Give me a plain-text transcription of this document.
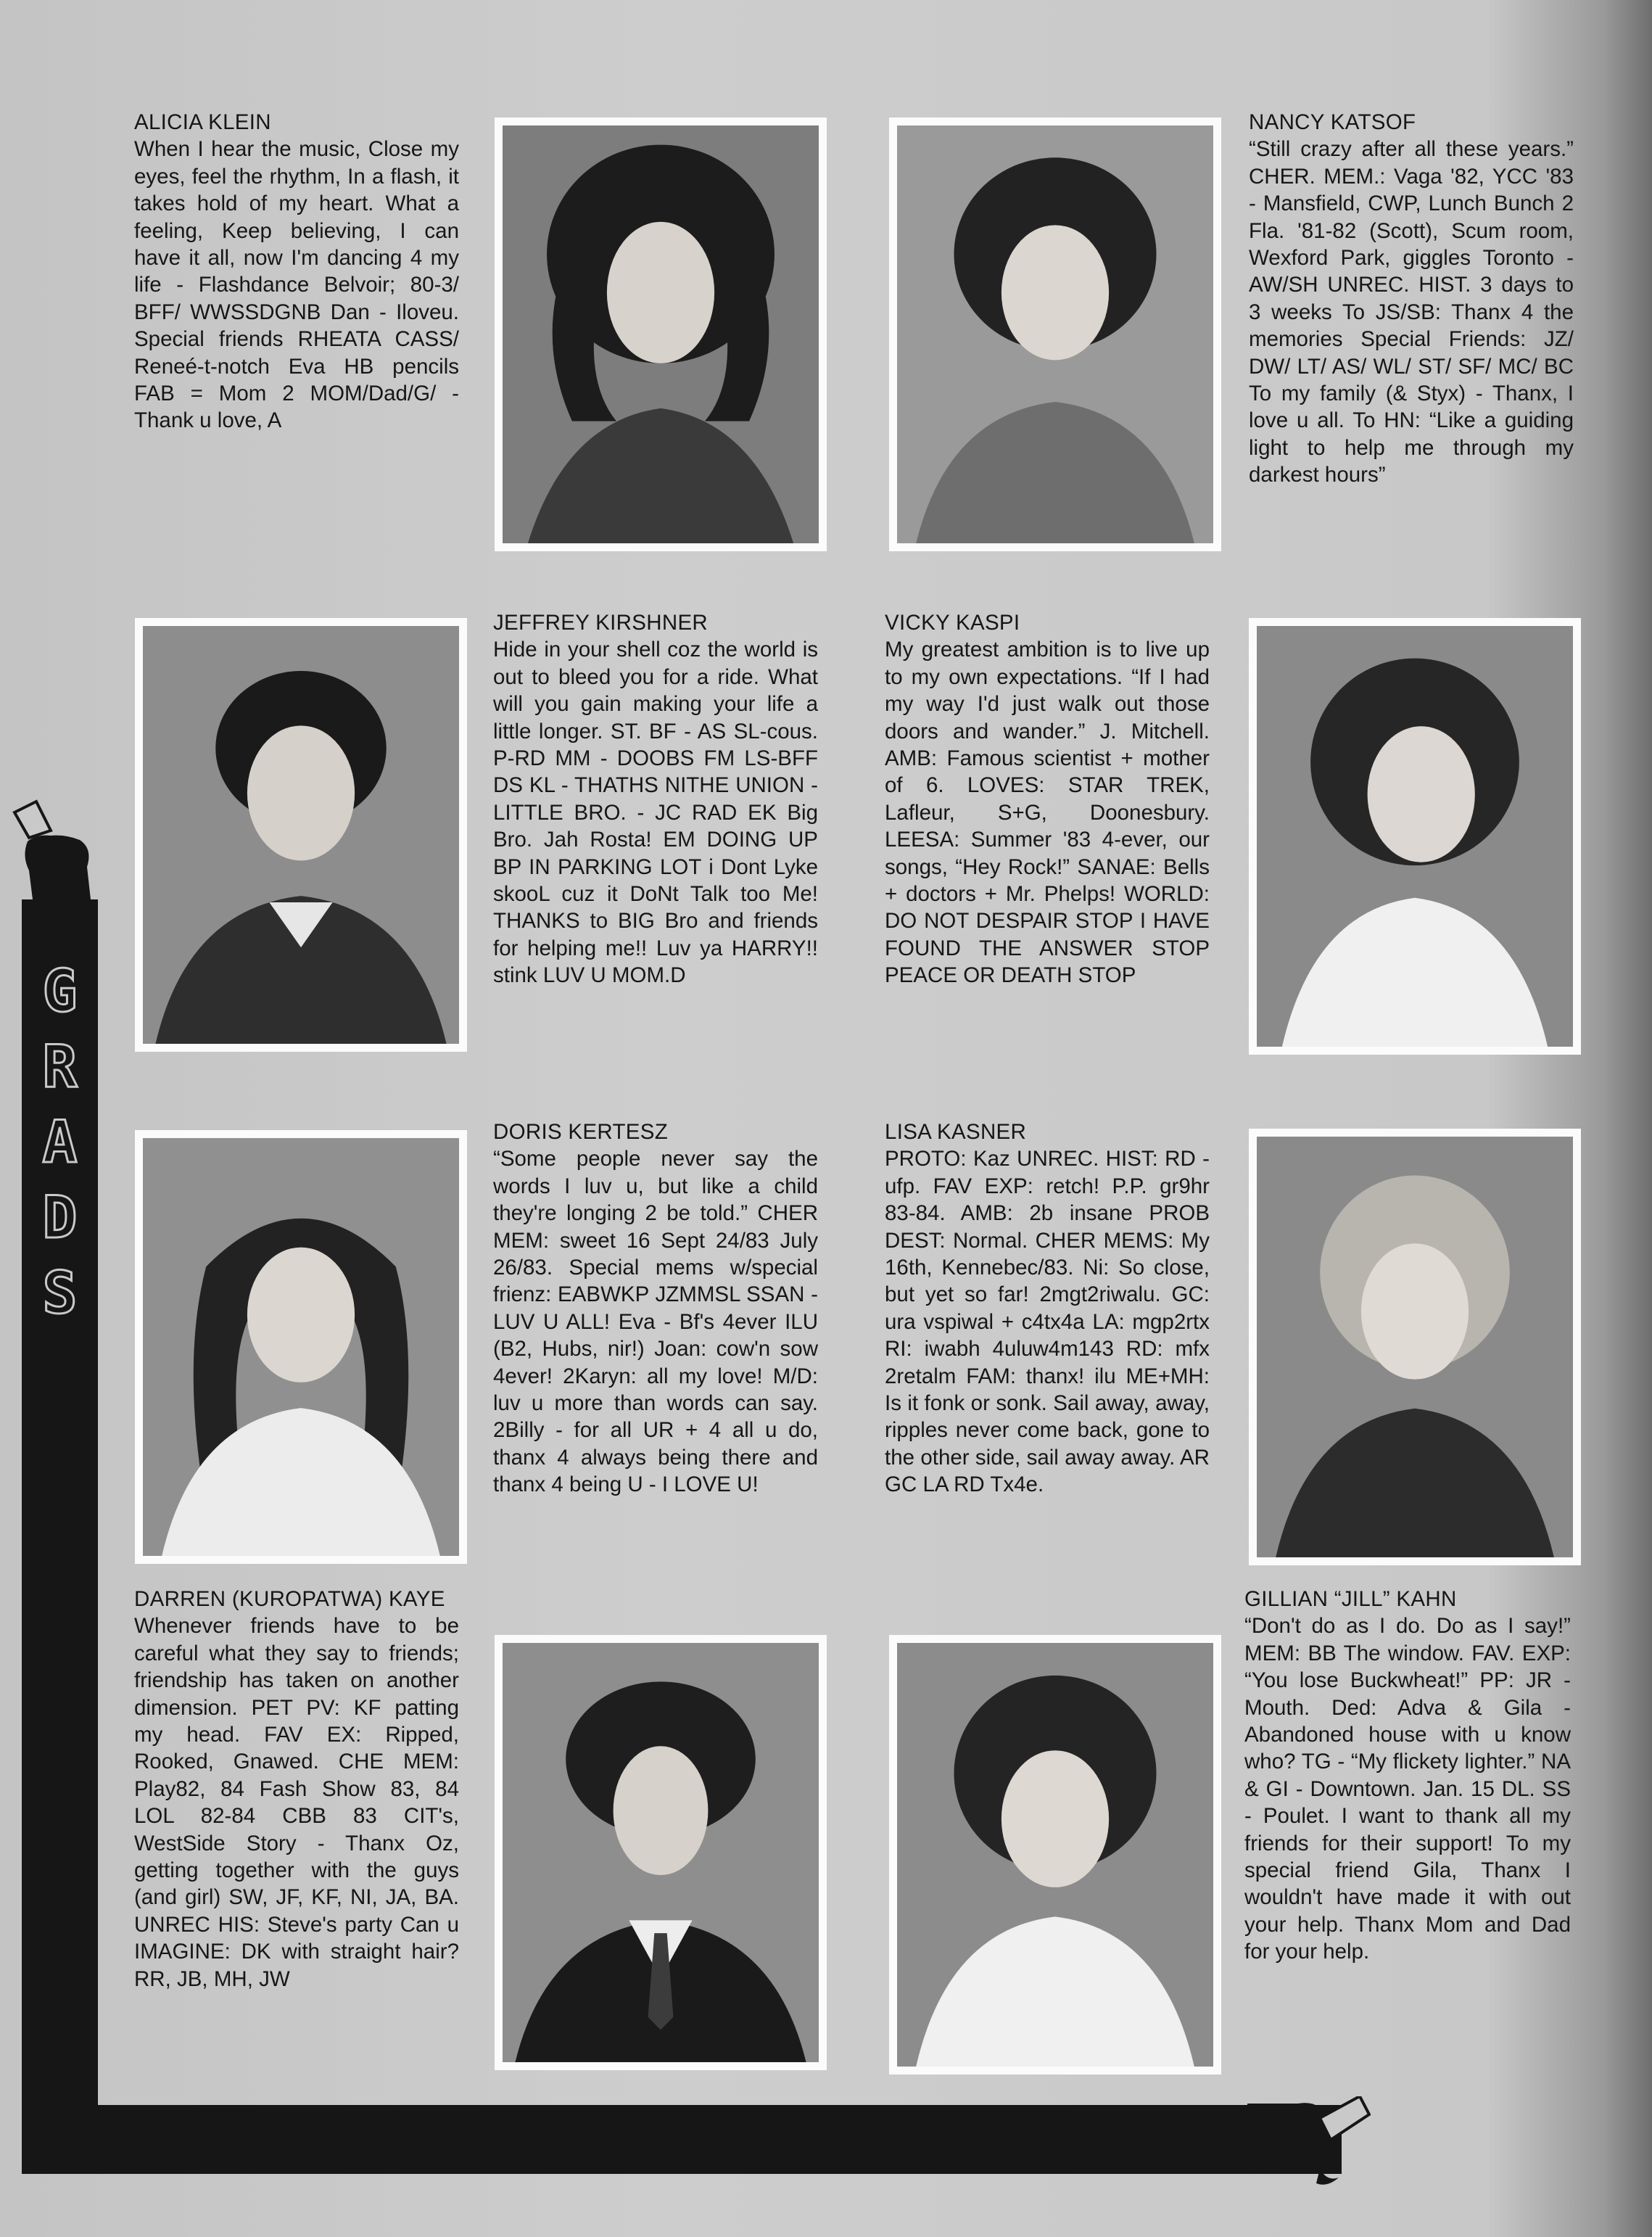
ALICIA KLEIN
When I hear the music, Close my eyes, feel the rhythm, In a flash, it takes hold of my heart. What a feeling, Keep believing, I can have it all, now I'm dancing 4 my life - Flashdance Belvoir; 80-3/ BFF/ WWSSDGNB Dan - Iloveu. Special friends RHEATA CASS/ Reneé-t-notch Eva HB pencils FAB = Mom 2 MOM/Dad/G/ - Thank u love, A
NANCY KATSOF
“Still crazy after all these years.” CHER. MEM.: Vaga '82, YCC '83 - Mansfield, CWP, Lunch Bunch 2 Fla. '81-82 (Scott), Scum room, Wexford Park, giggles Toronto - AW/SH UNREC. HIST. 3 days to 3 weeks To JS/SB: Thanx 4 the memories Special Friends: JZ/ DW/ LT/ AS/ WL/ ST/ SF/ MC/ BC To my family (& Styx) - Thanx, I love u all. To HN: “Like a guiding light to help me through my darkest hours”
JEFFREY KIRSHNER
Hide in your shell coz the world is out to bleed you for a ride. What will you gain making your life a little longer. ST. BF - AS SL-cous. P-RD MM - DOOBS FM LS-BFF DS KL - THATHS NITHE UNION - LITTLE BRO. - JC RAD EK Big Bro. Jah Rosta! EM DOING UP BP IN PARKING LOT i Dont Lyke skooL cuz it DoNt Talk too Me! THANKS to BIG Bro and friends for helping me!! Luv ya HARRY!! stink LUV U MOM.D
VICKY KASPI
My greatest ambition is to live up to my own expectations. “If I had my way I'd just walk out those doors and wander.” J. Mitchell. AMB: Famous scientist + mother of 6. LOVES: STAR TREK, Lafleur, S+G, Doonesbury. LEESA: Summer '83 4-ever, our songs, “Hey Rock!” SANAE: Bells + doctors + Mr. Phelps! WORLD: DO NOT DESPAIR STOP I HAVE FOUND THE ANSWER STOP PEACE OR DEATH STOP
DORIS KERTESZ
“Some people never say the words I luv u, but like a child they're longing 2 be told.” CHER MEM: sweet 16 Sept 24/83 July 26/83. Special mems w/special frienz: EABWKP JZMMSL SSAN - LUV U ALL! Eva - Bf's 4ever ILU (B2, Hubs, nir!) Joan: cow'n sow 4ever! 2Karyn: all my love! M/D: luv u more than words can say. 2Billy - for all UR + 4 all u do, thanx 4 always being there and thanx 4 being U - I LOVE U!
LISA KASNER
PROTO: Kaz UNREC. HIST: RD - ufp. FAV EXP: retch! P.P. gr9hr 83-84. AMB: 2b insane PROB DEST: Normal. CHER MEMS: My 16th, Kennebec/83. Ni: So close, but yet so far! 2mgt2riwalu. GC: ura vspiwal + c4tx4a LA: mgp2rtx RI: iwabh 4uluw4m143 RD: mfx 2retalm FAM: thanx! ilu ME+MH: Is it fonk or sonk. Sail away, away, ripples never come back, gone to the other side, sail away away. AR GC LA RD Tx4e.
DARREN (KUROPATWA) KAYE
Whenever friends have to be careful what they say to friends; friendship has taken on another dimension. PET PV: KF patting my head. FAV EX: Ripped, Rooked, Gnawed. CHE MEM: Play82, 84 Fash Show 83, 84 LOL 82-84 CBB 83 CIT's, WestSide Story - Thanx Oz, getting together with the guys (and girl) SW, JF, KF, NI, JA, BA. UNREC HIS: Steve's party Can u IMAGINE: DK with straight hair? RR, JB, MH, JW
GILLIAN “JILL” KAHN
“Don't do as I do. Do as I say!” MEM: BB The window. FAV. EXP: “You lose Buckwheat!” PP: JR - Mouth. Ded: Adva & Gila - Abandoned house with u know who? TG - “My flickety lighter.” NA & GI - Downtown. Jan. 15 DL. SS - Poulet. I want to thank all my friends for their support! To my special friend Gila, Thanx I wouldn't have made it with out your help. Thanx Mom and Dad for your help.
G
R
A
D
S
